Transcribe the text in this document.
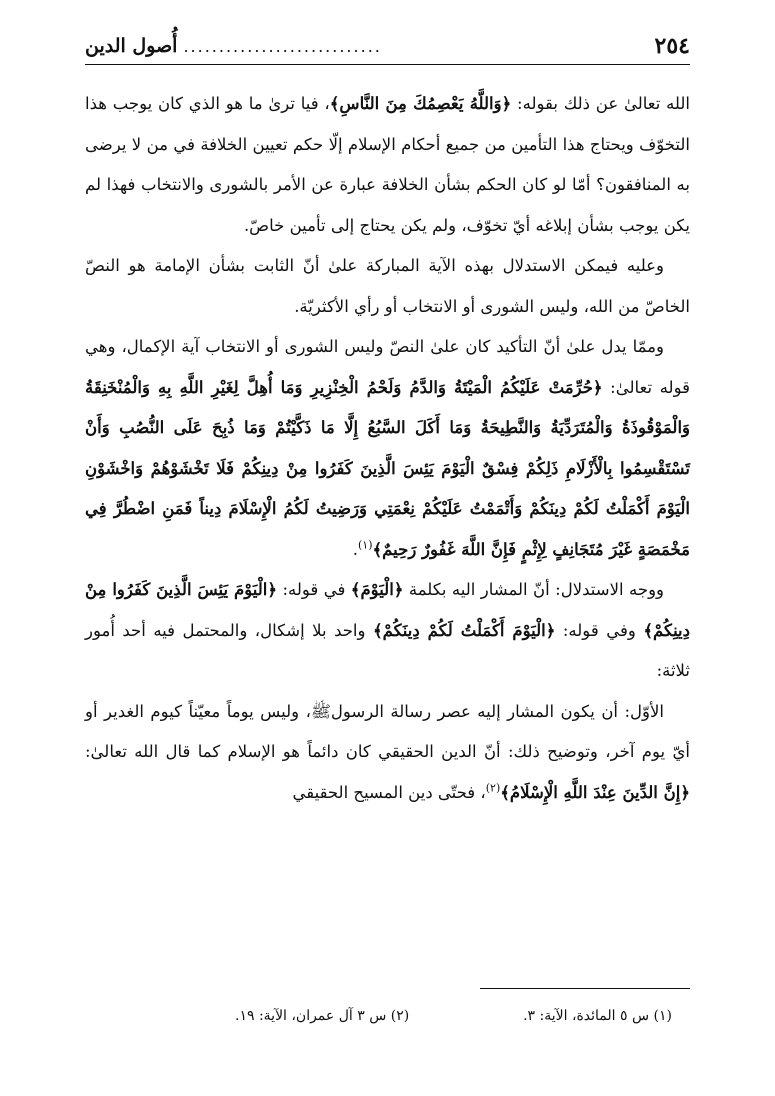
٢٥٤
............................
أُصول الدين

الله تعالىٰ عن ذلك بقوله: ﴿وَاللَّهُ يَعْصِمُكَ مِنَ النَّاسِ﴾، فيا ترىٰ ما هو الذي كان يوجب هذا التخوّف ويحتاج هذا التأمين من جميع أحكام الإسلام إلّا حكم تعيين الخلافة في من لا يرضى به المنافقون؟ أمّا لو كان الحكم بشأن الخلافة عبارة عن الأمر بالشورى والانتخاب فهذا لم يكن يوجب بشأن إبلاغه أيّ تخوّف، ولم يكن يحتاج إلى تأمين خاصّ.

وعليه فيمكن الاستدلال بهذه الآية المباركة علىٰ أنّ الثابت بشأن الإمامة هو النصّ الخاصّ من الله، وليس الشورى أو الانتخاب أو رأي الأكثريّة.

وممّا يدل علىٰ أنّ التأكيد كان علىٰ النصّ وليس الشورى أو الانتخاب آية الإكمال، وهي قوله تعالىٰ: ﴿حُرِّمَتْ عَلَيْكُمُ الْمَيْتَةُ وَالدَّمُ وَلَحْمُ الْخِنْزِيرِ وَمَا أُهِلَّ لِغَيْرِ اللَّهِ بِهِ وَالْمُنْخَنِقَةُ وَالْمَوْقُوذَةُ وَالْمُتَرَدِّيَةُ وَالنَّطِيحَةُ وَمَا أَكَلَ السَّبُعُ إِلَّا مَا ذَكَّيْتُمْ وَمَا ذُبِحَ عَلَى النُّصُبِ وَأَنْ تَسْتَقْسِمُوا بِالْأَزْلَامِ ذَلِكُمْ فِسْقٌ الْيَوْمَ يَئِسَ الَّذِينَ كَفَرُوا مِنْ دِينِكُمْ فَلَا تَخْشَوْهُمْ وَاخْشَوْنِ الْيَوْمَ أَكْمَلْتُ لَكُمْ دِينَكُمْ وَأَتْمَمْتُ عَلَيْكُمْ نِعْمَتِي وَرَضِيتُ لَكُمُ الْإِسْلَامَ دِيناً فَمَنِ اضْطُرَّ فِي مَخْمَصَةٍ غَيْرَ مُتَجَانِفٍ لِإِثْمٍ فَإِنَّ اللَّهَ غَفُورٌ رَحِيمٌ﴾$^{(١)}$.

ووجه الاستدلال: أنّ المشار اليه بكلمة ﴿الْيَوْمَ﴾ في قوله: ﴿الْيَوْمَ يَئِسَ الَّذِينَ كَفَرُوا مِنْ دِينِكُمْ﴾ وفي قوله: ﴿الْيَوْمَ أَكْمَلْتُ لَكُمْ دِينَكُمْ﴾ واحد بلا إشكال، والمحتمل فيه أحد أُمور ثلاثة:

الأوّل: أن يكون المشار إليه عصر رسالة الرسولﷺ، وليس يوماً معيّناً كيوم الغدير أو أيّ يوم آخر، وتوضيح ذلك: أنّ الدين الحقيقي كان دائماً هو الإسلام كما قال الله تعالىٰ: ﴿إِنَّ الدِّينَ عِنْدَ اللَّهِ الْإِسْلَامُ﴾$^{(٢)}$، فحتّى دين المسيح الحقيقي

(١) س ٥ المائدة، الآية: ٣.
(٢) س ٣ آل عمران، الآية: ١٩.
